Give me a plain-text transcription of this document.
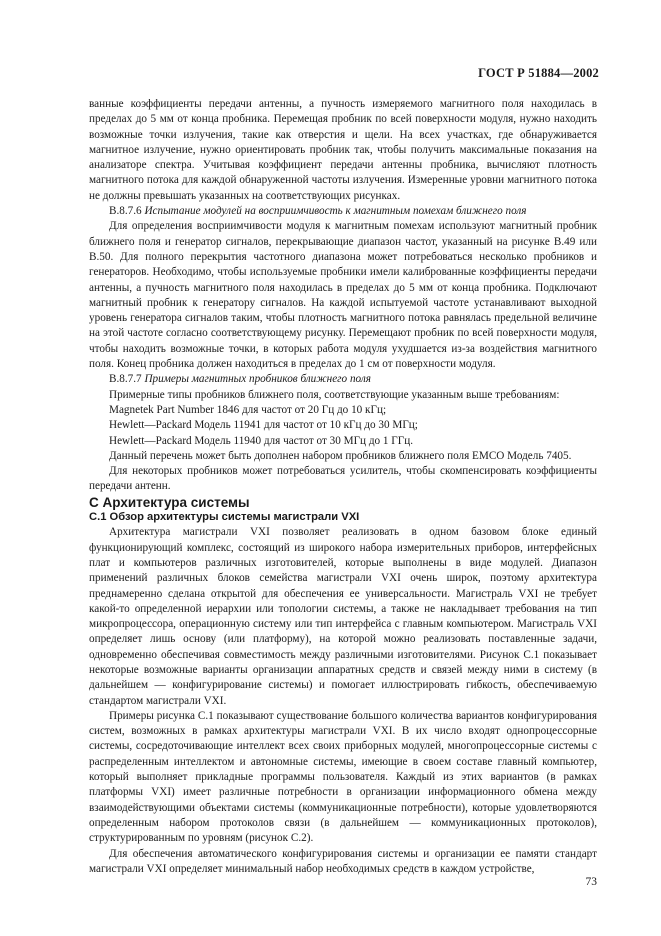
ГОСТ Р 51884—2002

ванные коэффициенты передачи антенны, а пучность измеряемого магнитного поля находилась в пределах до 5 мм от конца пробника. Перемещая пробник по всей поверхности модуля, нужно находить возможные точки излучения, такие как отверстия и щели. На всех участках, где обнаруживается магнитное излучение, нужно ориентировать пробник так, чтобы получить максимальные показания на анализаторе спектра. Учитывая коэффициент передачи антенны пробника, вычисляют плотность магнитного потока для каждой обнаруженной частоты излучения. Измеренные уровни магнитного потока не должны превышать указанных на соответствующих рисунках.

В.8.7.6 Испытание модулей на восприимчивость к магнитным помехам ближнего поля

Для определения восприимчивости модуля к магнитным помехам используют магнитный пробник ближнего поля и генератор сигналов, перекрывающие диапазон частот, указанный на рисунке В.49 или В.50. Для полного перекрытия частотного диапазона может потребоваться несколько пробников и генераторов. Необходимо, чтобы используемые пробники имели калиброванные коэффициенты передачи антенны, а пучность магнитного поля находилась в пределах до 5 мм от конца пробника. Подключают магнитный пробник к генератору сигналов. На каждой испытуемой частоте устанавливают выходной уровень генератора сигналов таким, чтобы плотность магнитного потока равнялась предельной величине на этой частоте согласно соответствующему рисунку. Перемещают пробник по всей поверхности модуля, чтобы находить возможные точки, в которых работа модуля ухудшается из-за воздействия магнитного поля. Конец пробника должен находиться в пределах до 1 см от поверхности модуля.

В.8.7.7 Примеры магнитных пробников ближнего поля

Примерные типы пробников ближнего поля, соответствующие указанным выше требованиям:

Magnetek Part Number 1846 для частот от 20 Гц до 10 кГц;

Hewlett—Packard Модель 11941 для частот от 10 кГц до 30 МГц;

Hewlett—Packard Модель 11940 для частот от 30 МГц до 1 ГГц.

Данный перечень может быть дополнен набором пробников ближнего поля EMCO Модель 7405.

Для некоторых пробников может потребоваться усилитель, чтобы скомпенсировать коэффициенты передачи антенн.

С Архитектура системы

С.1 Обзор архитектуры системы магистрали VXI

Архитектура магистрали VXI позволяет реализовать в одном базовом блоке единый функционирующий комплекс, состоящий из широкого набора измерительных приборов, интерфейсных плат и компьютеров различных изготовителей, которые выполнены в виде модулей. Диапазон применений различных блоков семейства магистрали VXI очень широк, поэтому архитектура преднамеренно сделана открытой для обеспечения ее универсальности. Магистраль VXI не требует какой-то определенной иерархии или топологии системы, а также не накладывает требования на тип микропроцессора, операционную систему или тип интерфейса с главным компьютером. Магистраль VXI определяет лишь основу (или платформу), на которой можно реализовать поставленные задачи, одновременно обеспечивая совместимость между различными изготовителями. Рисунок С.1 показывает некоторые возможные варианты организации аппаратных средств и связей между ними в систему (в дальнейшем — конфигурирование системы) и помогает иллюстрировать гибкость, обеспечиваемую стандартом магистрали VXI.

Примеры рисунка С.1 показывают существование большого количества вариантов конфигурирования систем, возможных в рамках архитектуры магистрали VXI. В их число входят однопроцессорные системы, сосредоточивающие интеллект всех своих приборных модулей, многопроцессорные системы с распределенным интеллектом и автономные системы, имеющие в своем составе главный компьютер, который выполняет прикладные программы пользователя. Каждый из этих вариантов (в рамках платформы VXI) имеет различные потребности в организации информационного обмена между взаимодействующими объектами системы (коммуникационные потребности), которые удовлетворяются определенным набором протоколов связи (в дальнейшем — коммуникационных протоколов), структурированным по уровням (рисунок С.2).

Для обеспечения автоматического конфигурирования системы и организации ее памяти стандарт магистрали VXI определяет минимальный набор необходимых средств в каждом устройстве,

73
